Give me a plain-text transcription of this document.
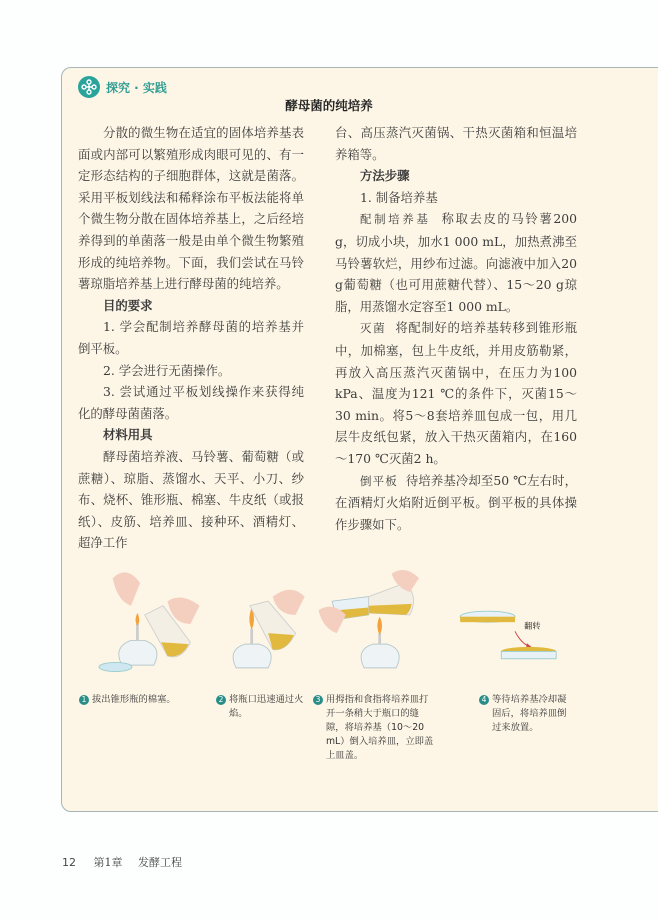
探究 · 实践
酵母菌的纯培养

分散的微生物在适宜的固体培养基表面或内部可以繁殖形成肉眼可见的、有一定形态结构的子细胞群体，这就是菌落。采用平板划线法和稀释涂布平板法能将单个微生物分散在固体培养基上，之后经培养得到的单菌落一般是由单个微生物繁殖形成的纯培养物。下面，我们尝试在马铃薯琼脂培养基上进行酵母菌的纯培养。

目的要求

1. 学会配制培养酵母菌的培养基并倒平板。

2. 学会进行无菌操作。

3. 尝试通过平板划线操作来获得纯化的酵母菌菌落。

材料用具

酵母菌培养液、马铃薯、葡萄糖（或蔗糖）、琼脂、蒸馏水、天平、小刀、纱布、烧杯、锥形瓶、棉塞、牛皮纸（或报纸）、皮筋、培养皿、接种环、酒精灯、超净工作

台、高压蒸汽灭菌锅、干热灭菌箱和恒温培养箱等。

方法步骤

1. 制备培养基

配制培养基 称取去皮的马铃薯200 g，切成小块，加水1 000 mL，加热煮沸至马铃薯软烂，用纱布过滤。向滤液中加入20 g葡萄糖（也可用蔗糖代替）、15～20 g琼脂，用蒸馏水定容至1 000 mL。

灭菌 将配制好的培养基转移到锥形瓶中，加棉塞，包上牛皮纸，并用皮筋勒紧，再放入高压蒸汽灭菌锅中，在压力为100 kPa、温度为121 ℃的条件下，灭菌15～30 min。将5～8套培养皿包成一包，用几层牛皮纸包紧，放入干热灭菌箱内，在160～170 ℃灭菌2 h。

倒平板 待培养基冷却至50 ℃左右时，在酒精灯火焰附近倒平板。倒平板的具体操作步骤如下。

翻转
1 拔出锥形瓶的棉塞。	2 将瓶口迅速通过火焰。
3 用拇指和食指将培养皿打开一条稍大于瓶口的缝隙，将培养基（10～20 mL）倒入培养皿，立即盖上皿盖。
4 等待培养基冷却凝固后，将培养皿倒过来放置。
12 第1章 发酵工程
